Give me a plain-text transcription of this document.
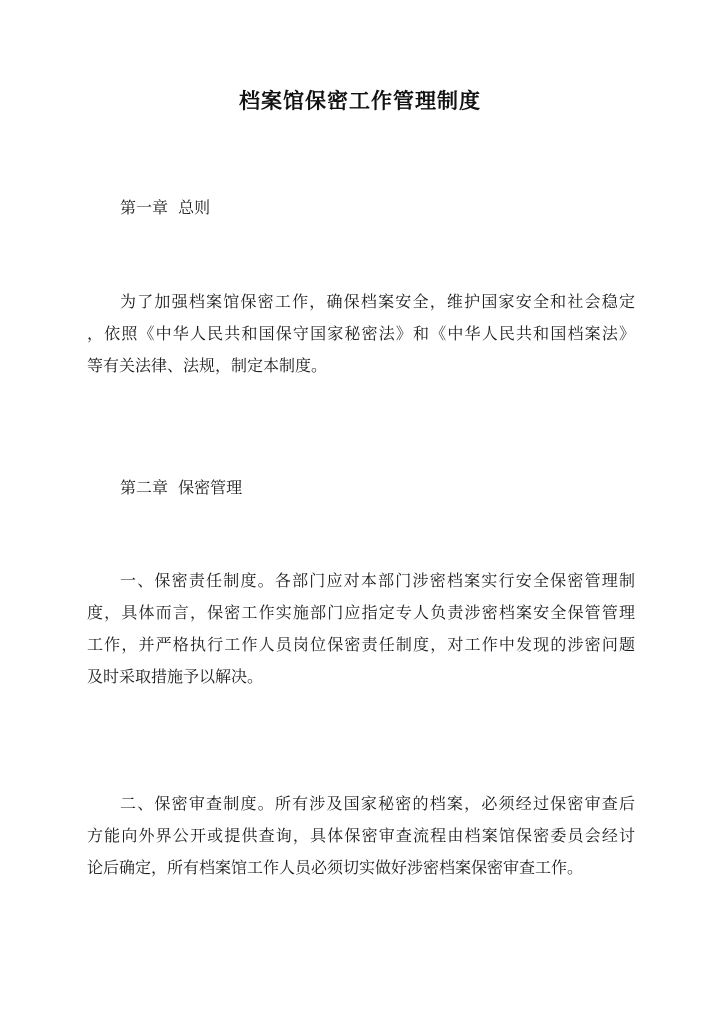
档案馆保密工作管理制度
第一章  总则
为了加强档案馆保密工作，确保档案安全，维护国家安全和社会稳定
，依照《中华人民共和国保守国家秘密法》和《中华人民共和国档案法》
等有关法律、法规，制定本制度。
第二章  保密管理
一、保密责任制度。各部门应对本部门涉密档案实行安全保密管理制
度，具体而言，保密工作实施部门应指定专人负责涉密档案安全保管管理
工作，并严格执行工作人员岗位保密责任制度，对工作中发现的涉密问题
及时采取措施予以解决。
二、保密审查制度。所有涉及国家秘密的档案，必须经过保密审查后
方能向外界公开或提供查询，具体保密审查流程由档案馆保密委员会经讨
论后确定，所有档案馆工作人员必须切实做好涉密档案保密审查工作。
